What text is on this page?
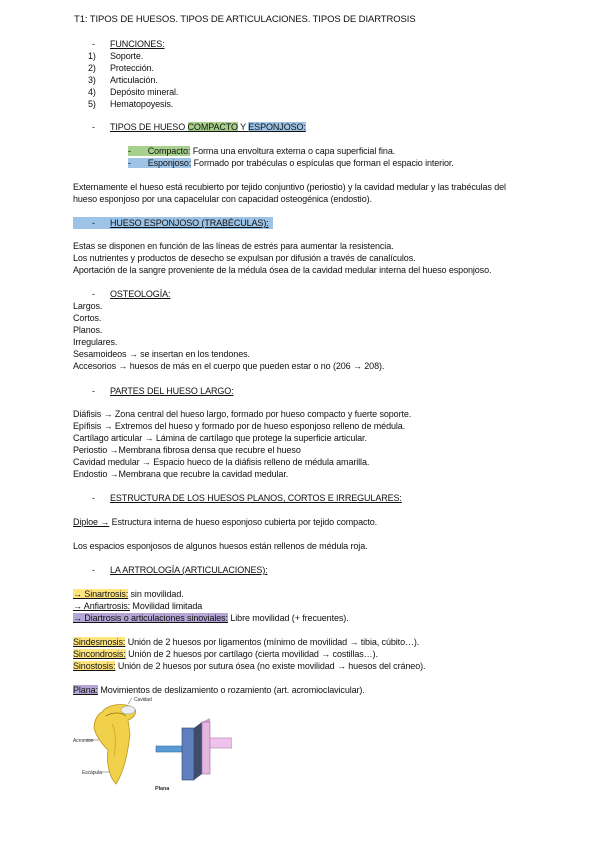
T1: TIPOS DE HUESOS. TIPOS DE ARTICULACIONES. TIPOS DE DIARTROSIS
- FUNCIONES:
1) Soporte.
2) Protección.
3) Articulación.
4) Depósito mineral.
5) Hematopoyesis.
- TIPOS DE HUESO COMPACTO Y ESPONJOSO:
-       Compacto: Forma una envoltura externa o capa superficial fina.
-       Esponjoso: Formado por trabéculas o espículas que forman el espacio interior.
Externamente el hueso está recubierto por tejido conjuntivo (periostio) y la cavidad medular y las trabéculas del
hueso esponjoso por una capacelular con capacidad osteogénica (endostio).
- HUESO ESPONJOSO (TRABÉCULAS):
Estas se disponen en función de las líneas de estrés para aumentar la resistencia.
Los nutrientes y productos de desecho se expulsan por difusión a través de canalículos.
Aportación de la sangre proveniente de la médula ósea de la cavidad medular interna del hueso esponjoso.
- OSTEOLOGÍA:
Largos.
Cortos.
Planos.
Irregulares.
Sesamoideos → se insertan en los tendones.
Accesorios → huesos de más en el cuerpo que pueden estar o no (206 → 208).
- PARTES DEL HUESO LARGO:
Diáfisis → Zona central del hueso largo, formado por hueso compacto y fuerte soporte.
Epífisis → Extremos del hueso y formado por de hueso esponjoso relleno de médula.
Cartílago articular → Lámina de cartílago que protege la superficie articular.
Periostio →Membrana fibrosa densa que recubre el hueso
Cavidad medular → Espacio hueco de la diáfisis relleno de médula amarilla.
Endostio →Membrana que recubre la cavidad medular.
- ESTRUCTURA DE LOS HUESOS PLANOS, CORTOS E IRREGULARES:
Diploe → Estructura interna de hueso esponjoso cubierta por tejido compacto.
Los espacios esponjosos de algunos huesos están rellenos de médula roja.
- LA ARTROLOGÍA (ARTICULACIONES):
→ Sinartrosis: sin movilidad.
→ Anfiartrosis: Movilidad limitada
→ Diartrosis o articulaciones sinoviales: Libre movilidad (+ frecuentes).
Sindesmosis: Unión de 2 huesos por ligamentos (mínimo de movilidad → tibia, cúbito…).
Sincondrosis: Unión de 2 huesos por cartílago (cierta movilidad → costillas…).
Sinostosis: Unión de 2 huesos por sutura ósea (no existe movilidad → huesos del cráneo).
Plana: Movimientos de deslizamiento o rozamiento (art. acromioclavicular).
Cavidad
Acromion
Escápula
Plana
